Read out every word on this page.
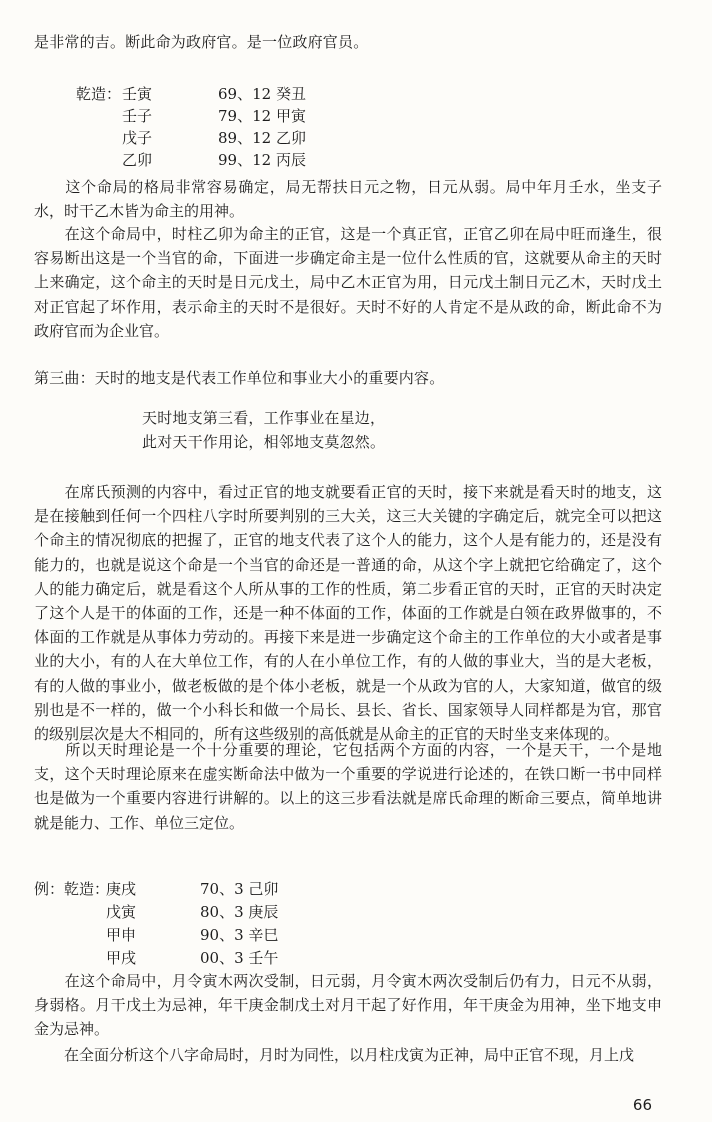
是非常的吉。断此命为政府官。是一位政府官员。
乾造： 壬寅	69、12 癸丑
壬子	79、12 甲寅
戊子	89、12 乙卯
乙卯	99、12 丙辰
　　这个命局的格局非常容易确定，局无帮扶日元之物，日元从弱。局中年月壬水，坐支子水，时干乙木皆为命主的用神。
　　在这个命局中，时柱乙卯为命主的正官，这是一个真正官，正官乙卯在局中旺而逢生，很容易断出这是一个当官的命，下面进一步确定命主是一位什么性质的官，这就要从命主的天时上来确定，这个命主的天时是日元戊土，局中乙木正官为用，日元戊土制日元乙木，天时戊土对正官起了坏作用，表示命主的天时不是很好。天时不好的人肯定不是从政的命，断此命不为政府官而为企业官。
第三曲：天时的地支是代表工作单位和事业大小的重要内容。
天时地支第三看，工作事业在星边，
此对天干作用论，相邻地支莫忽然。
　　在席氏预测的内容中，看过正官的地支就要看正官的天时，接下来就是看天时的地支，这是在接触到任何一个四柱八字时所要判别的三大关，这三大关键的字确定后，就完全可以把这个命主的情况彻底的把握了，正官的地支代表了这个人的能力，这个人是有能力的，还是没有能力的，也就是说这个命是一个当官的命还是一普通的命，从这个字上就把它给确定了，这个人的能力确定后，就是看这个人所从事的工作的性质，第二步看正官的天时，正官的天时决定了这个人是干的体面的工作，还是一种不体面的工作，体面的工作就是白领在政界做事的，不体面的工作就是从事体力劳动的。再接下来是进一步确定这个命主的工作单位的大小或者是事业的大小，有的人在大单位工作，有的人在小单位工作，有的人做的事业大，当的是大老板，有的人做的事业小，做老板做的是个体小老板，就是一个从政为官的人，大家知道，做官的级别也是不一样的，做一个小科长和做一个局长、县长、省长、国家领导人同样都是为官，那官的级别层次是大不相同的，所有这些级别的高低就是从命主的正官的天时坐支来体现的。
　　所以天时理论是一个十分重要的理论，它包括两个方面的内容，一个是天干，一个是地支，这个天时理论原来在虚实断命法中做为一个重要的学说进行论述的，在铁口断一书中同样也是做为一个重要内容进行讲解的。以上的这三步看法就是席氏命理的断命三要点，简单地讲就是能力、工作、单位三定位。
例：乾造：
庚戌	70、3 己卯
戊寅	80、3 庚辰
甲申	90、3 辛巳
甲戌	00、3 壬午
　　在这个命局中，月令寅木两次受制，日元弱，月令寅木两次受制后仍有力，日元不从弱，身弱格。月干戊土为忌神，年干庚金制戊土对月干起了好作用，年干庚金为用神，坐下地支申金为忌神。
　　在全面分析这个八字命局时，月时为同性，以月柱戊寅为正神，局中正官不现，月上戊
66
